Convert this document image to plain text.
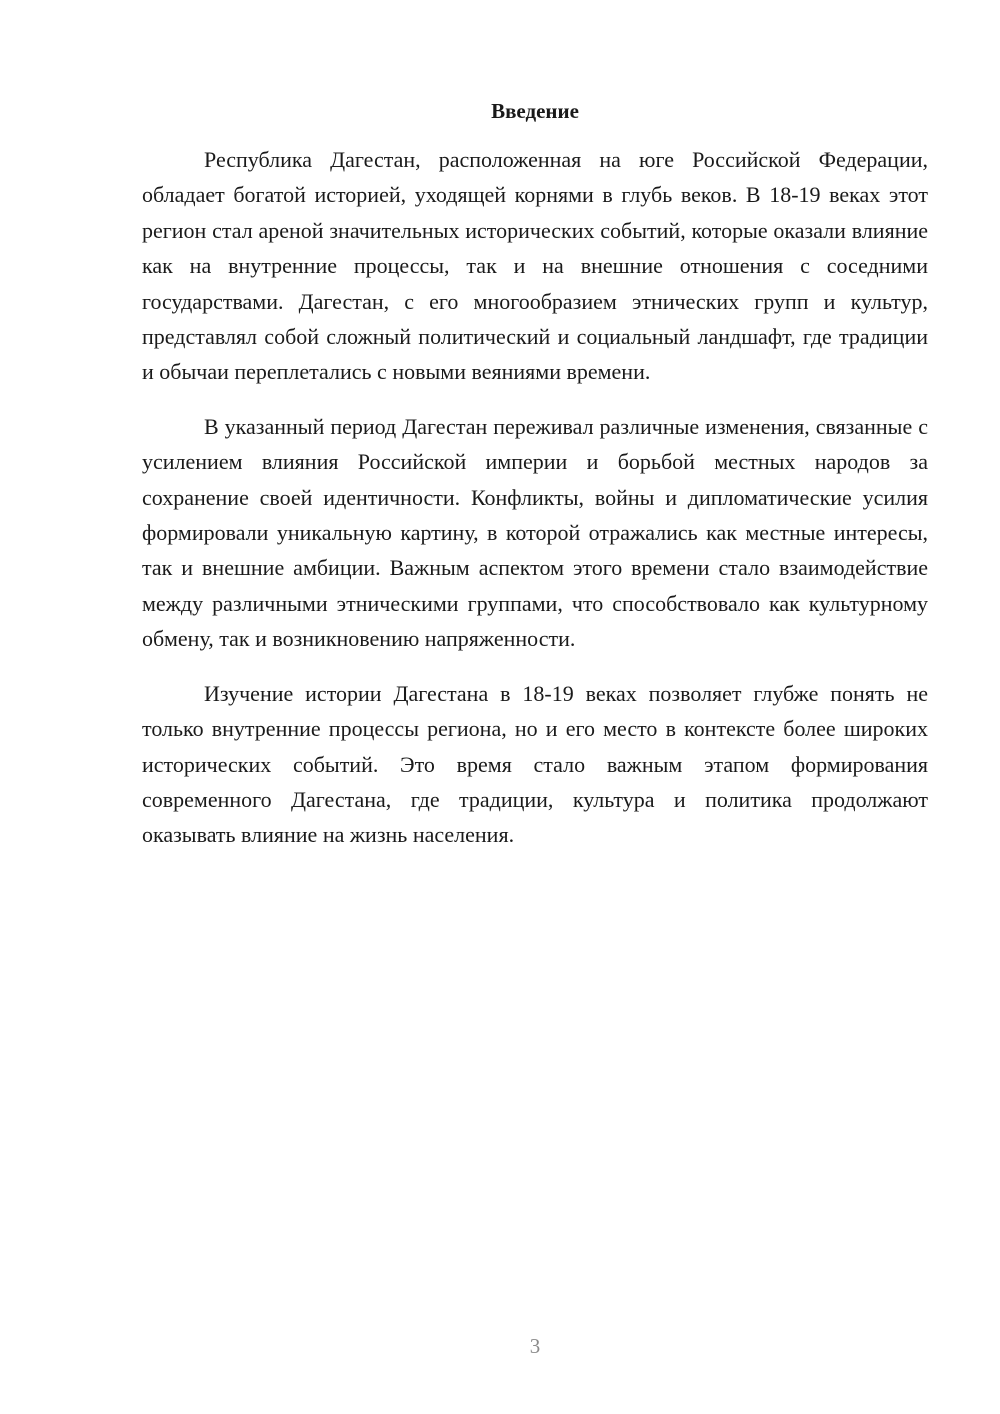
Введение

Республика Дагестан, расположенная на юге Российской Федерации, обладает богатой историей, уходящей корнями в глубь веков. В 18-19 веках этот регион стал ареной значительных исторических событий, которые оказали влияние как на внутренние процессы, так и на внешние отношения с соседними государствами. Дагестан, с его многообразием этнических групп и культур, представлял собой сложный политический и социальный ландшафт, где традиции и обычаи переплетались с новыми веяниями времени.

В указанный период Дагестан переживал различные изменения, связанные с усилением влияния Российской империи и борьбой местных народов за сохранение своей идентичности. Конфликты, войны и дипломатические усилия формировали уникальную картину, в которой отражались как местные интересы, так и внешние амбиции. Важным аспектом этого времени стало взаимодействие между различными этническими группами, что способствовало как культурному обмену, так и возникновению напряженности.

Изучение истории Дагестана в 18-19 веках позволяет глубже понять не только внутренние процессы региона, но и его место в контексте более широких исторических событий. Это время стало важным этапом формирования современного Дагестана, где традиции, культура и политика продолжают оказывать влияние на жизнь населения.

3
